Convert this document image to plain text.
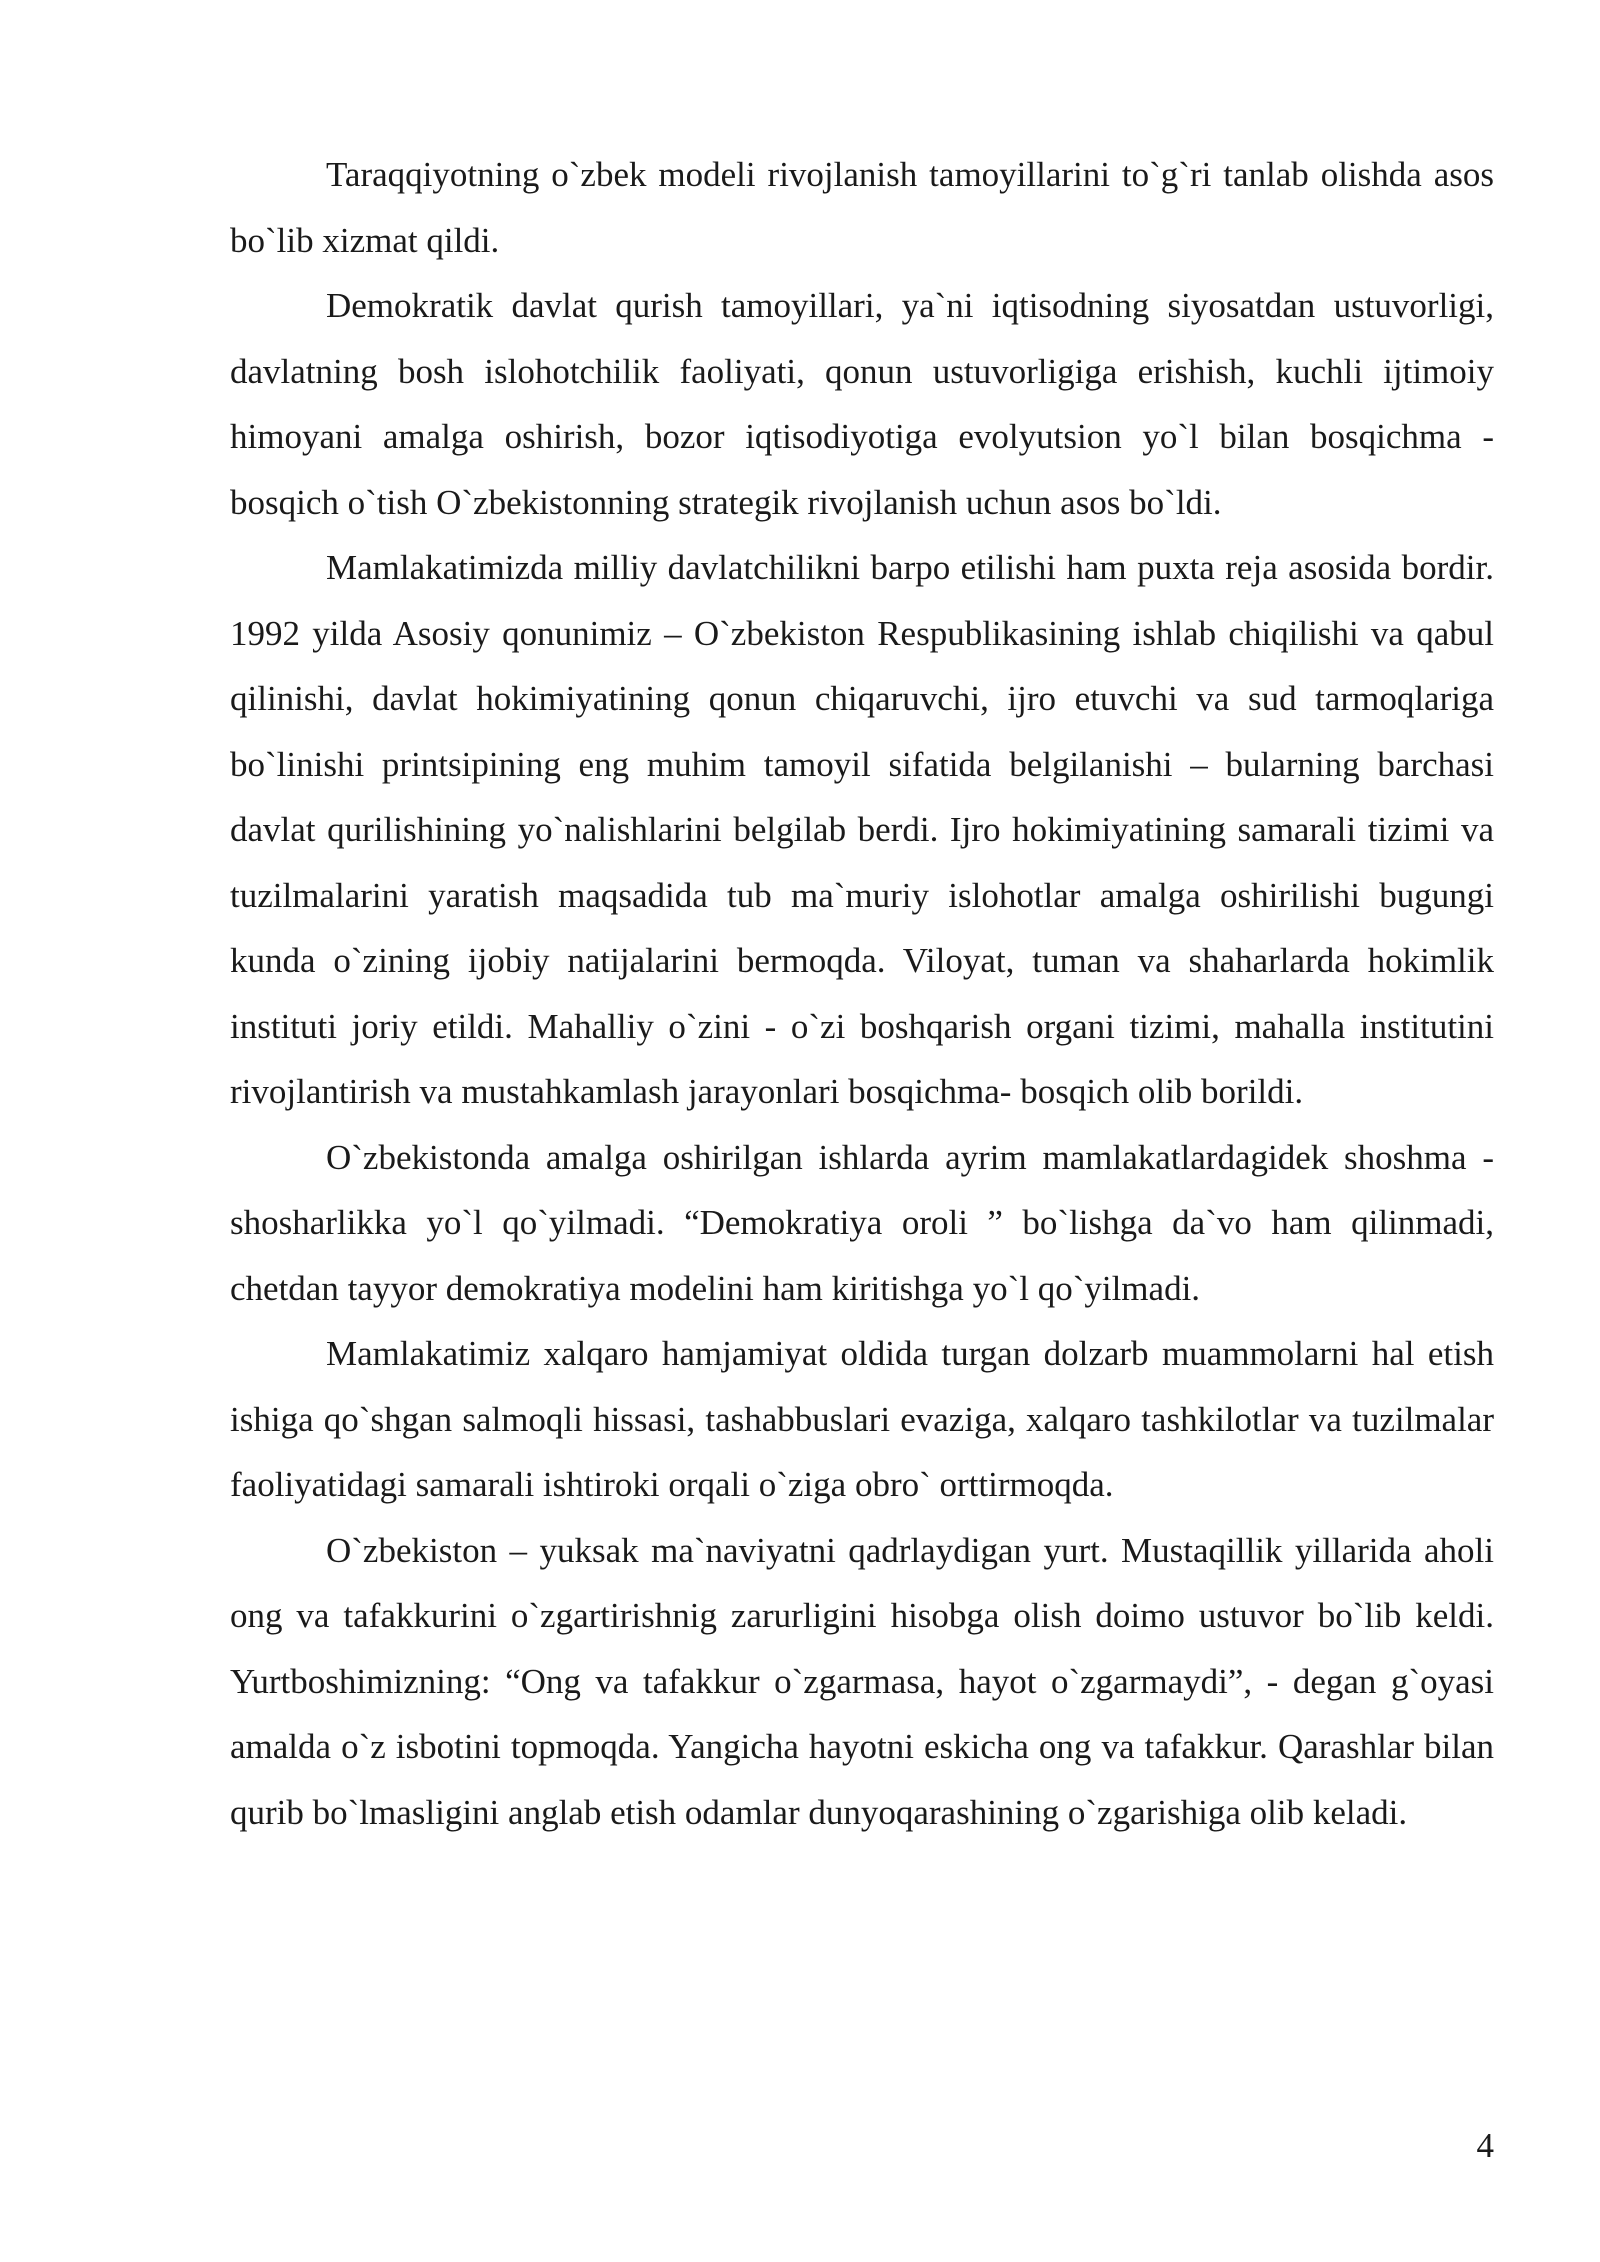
Taraqqiyotning o`zbek modeli rivojlanish tamoyillarini to`g`ri tanlab olishda asos bo`lib xizmat qildi.

Demokratik davlat qurish tamoyillari, ya`ni iqtisodning siyosatdan ustuvorligi, davlatning bosh islohotchilik faoliyati, qonun ustuvorligiga erishish, kuchli ijtimoiy himoyani amalga oshirish, bozor iqtisodiyotiga evolyutsion yo`l bilan bosqichma - bosqich o`tish O`zbekistonning strategik rivojlanish uchun asos bo`ldi.

Mamlakatimizda milliy davlatchilikni barpo etilishi ham puxta reja asosida bordir. 1992 yilda Asosiy qonunimiz – O`zbekiston Respublikasining ishlab chiqilishi va qabul qilinishi, davlat hokimiyatining qonun chiqaruvchi, ijro etuvchi va sud tarmoqlariga bo`linishi printsipining eng muhim tamoyil sifatida belgilanishi – bularning barchasi davlat qurilishining yo`nalishlarini belgilab berdi. Ijro hokimiyatining samarali tizimi va tuzilmalarini yaratish maqsadida tub ma`muriy islohotlar amalga oshirilishi bugungi kunda o`zining ijobiy natijalarini bermoqda. Viloyat, tuman va shaharlarda hokimlik instituti joriy etildi. Mahalliy o`zini - o`zi boshqarish organi tizimi, mahalla institutini rivojlantirish va mustahkamlash jarayonlari bosqichma- bosqich olib borildi.

O`zbekistonda amalga oshirilgan ishlarda ayrim mamlakatlardagidek shoshma - shosharlikka yo`l qo`yilmadi. “Demokratiya oroli ” bo`lishga da`vo ham qilinmadi, chetdan tayyor demokratiya modelini ham kiritishga yo`l qo`yilmadi.

Mamlakatimiz xalqaro hamjamiyat oldida turgan dolzarb muammolarni hal etish ishiga qo`shgan salmoqli hissasi, tashabbuslari evaziga, xalqaro tashkilotlar va tuzilmalar faoliyatidagi samarali ishtiroki orqali o`ziga obro` orttirmoqda.

O`zbekiston – yuksak ma`naviyatni qadrlaydigan yurt. Mustaqillik yillarida aholi ong va tafakkurini o`zgartirishnig zarurligini hisobga olish doimo ustuvor bo`lib keldi. Yurtboshimizning: “Ong va tafakkur o`zgarmasa, hayot o`zgarmaydi”, - degan g`oyasi amalda o`z isbotini topmoqda. Yangicha hayotni eskicha ong va tafakkur. Qarashlar bilan qurib bo`lmasligini anglab etish odamlar dunyoqarashining o`zgarishiga olib keladi.

4
